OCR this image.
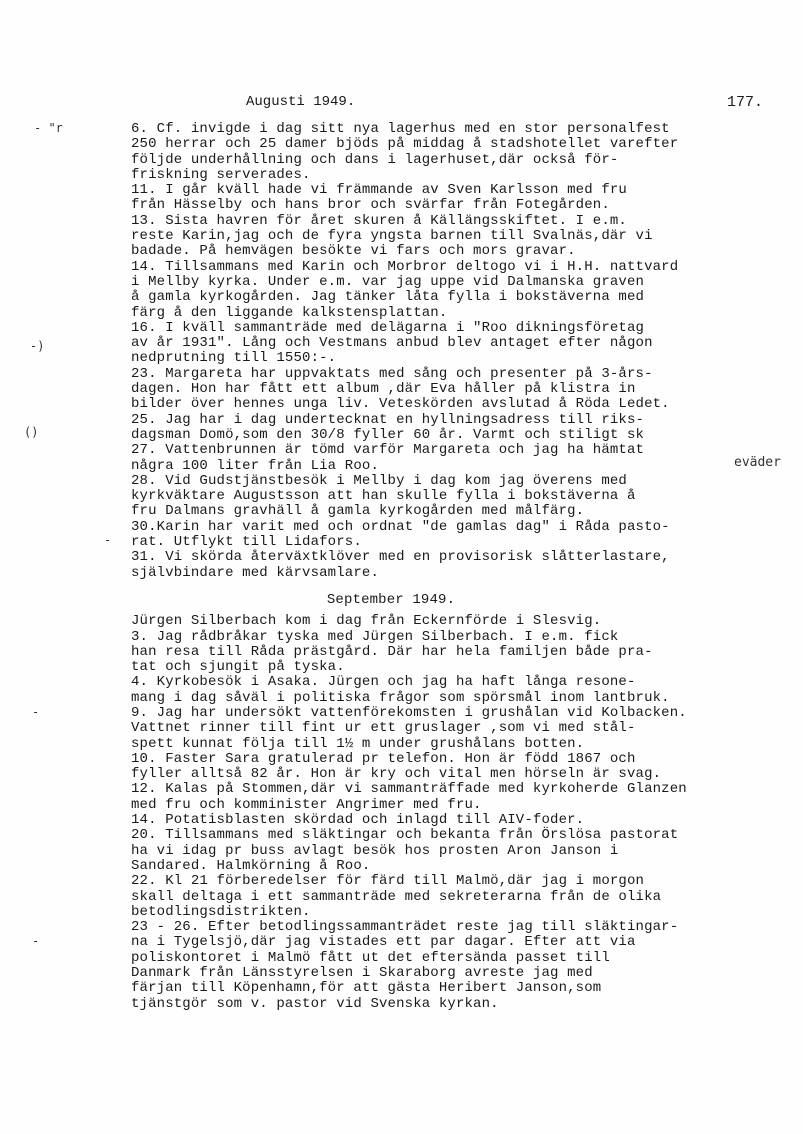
Augusti 1949.	177.
- "r
-)
()
-
-
-
eväder
6. Cf. invigde i dag sitt nya lagerhus med en stor personalfest
250 herrar och 25 damer bjöds på middag å stadshotellet varefter
följde underhållning och dans i lagerhuset,där också för-
friskning serverades.
11. I går kväll hade vi främmande av Sven Karlsson med fru
från Hässelby och hans bror och svärfar från Fotegården.
13. Sista havren för året skuren å Källängsskiftet. I e.m.
reste Karin,jag och de fyra yngsta barnen till Svalnäs,där vi
badade. På hemvägen besökte vi fars och mors gravar.
14. Tillsammans med Karin och Morbror deltogo vi i H.H. nattvard
i Mellby kyrka. Under e.m. var jag uppe vid Dalmanska graven
å gamla kyrkogården. Jag tänker låta fylla i bokstäverna med
färg å den liggande kalkstensplattan.
16. I kväll sammanträde med delägarna i "Roo dikningsföretag
av år 1931". Lång och Vestmans anbud blev antaget efter någon
nedprutning till 1550:-.
23. Margareta har uppvaktats med sång och presenter på 3-års-
dagen. Hon har fått ett album ,där Eva håller på klistra in
bilder över hennes unga liv. Veteskörden avslutad å Röda Ledet.
25. Jag har i dag undertecknat en hyllningsadress till riks-
dagsman Domö,som den 30/8 fyller 60 år. Varmt och stiligt sk
27. Vattenbrunnen är tömd varför Margareta och jag ha hämtat
några 100 liter från Lia Roo.
28. Vid Gudstjänstbesök i Mellby i dag kom jag överens med
kyrkväktare Augustsson att han skulle fylla i bokstäverna å
fru Dalmans gravhäll å gamla kyrkogården med målfärg.
30.Karin har varit med och ordnat "de gamlas dag" i Råda pasto-
rat. Utflykt till Lidafors.
31. Vi skörda återväxtklöver med en provisorisk slåtterlastare,
självbindare med kärvsamlare.
September 1949.
Jürgen Silberbach kom i dag från Eckernförde i Slesvig.
3. Jag rådbråkar tyska med Jürgen Silberbach. I e.m. fick
han resa till Råda prästgård. Där har hela familjen både pra-
tat och sjungit på tyska.
4. Kyrkobesök i Asaka. Jürgen och jag ha haft långa resone-
mang i dag såväl i politiska frågor som spörsmål inom lantbruk.
9. Jag har undersökt vattenförekomsten i grushålan vid Kolbacken.
Vattnet rinner till fint ur ett gruslager ,som vi med stål-
spett kunnat följa till 1½ m under grushålans botten.
10. Faster Sara gratulerad pr telefon. Hon är född 1867 och
fyller alltså 82 år. Hon är kry och vital men hörseln är svag.
12. Kalas på Stommen,där vi sammanträffade med kyrkoherde Glanzen
med fru och komminister Angrimer med fru.
14. Potatisblasten skördad och inlagd till AIV-foder.
20. Tillsammans med släktingar och bekanta från Örslösa pastorat
ha vi idag pr buss avlagt besök hos prosten Aron Janson i
Sandared. Halmkörning å Roo.
22. Kl 21 förberedelser för färd till Malmö,där jag i morgon
skall deltaga i ett sammanträde med sekreterarna från de olika
betodlingsdistrikten.
23 - 26. Efter betodlingssammanträdet reste jag till släktingar-
na i Tygelsjö,där jag vistades ett par dagar. Efter att via
poliskontoret i Malmö fått ut det eftersända passet till
Danmark från Länsstyrelsen i Skaraborg avreste jag med
färjan till Köpenhamn,för att gästa Heribert Janson,som
tjänstgör som v. pastor vid Svenska kyrkan.
